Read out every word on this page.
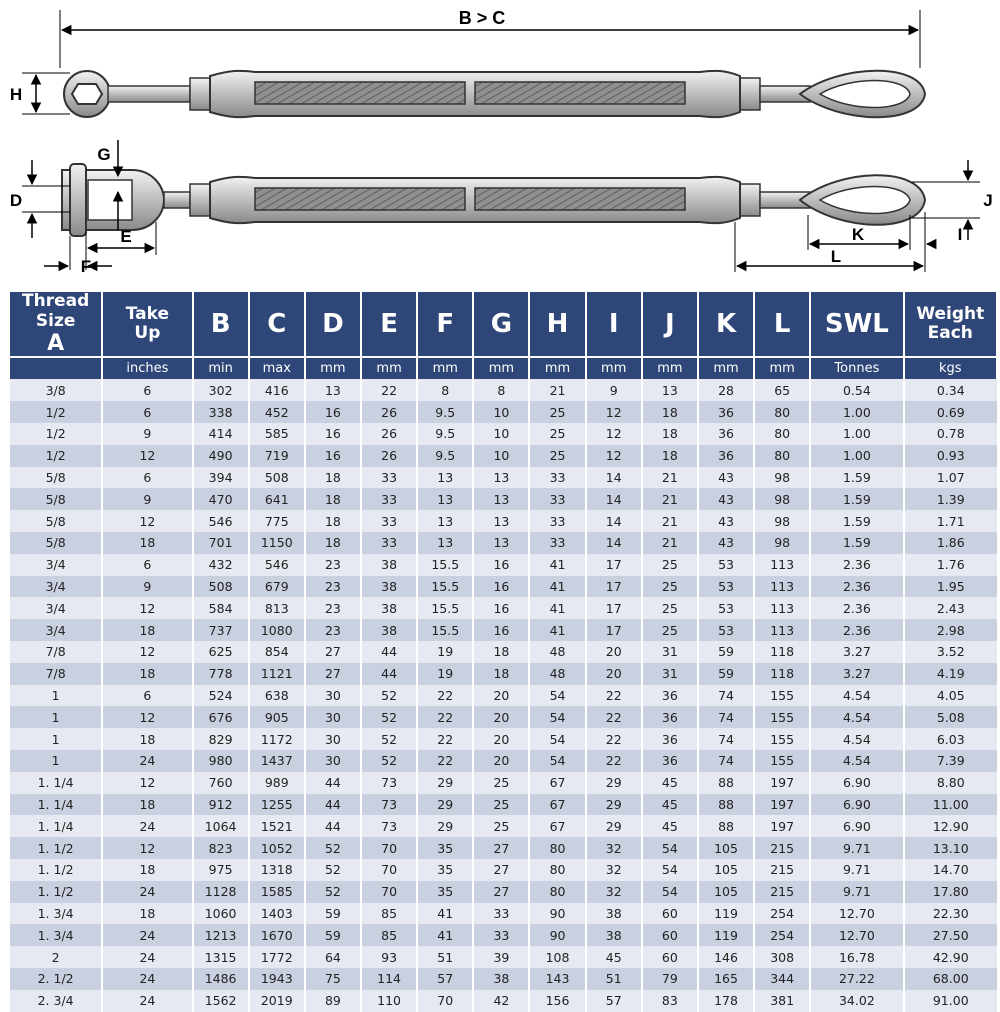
B > C
H
D
G
E
F
K
L
J
I
Thread
Size
A	Take
Up	B	C	D	E	F	G	H	I	J	K	L	SWL	Weight
Each

	inches	min	max	mm	mm	mm	mm	mm	mm	mm	mm	mm	Tonnes	kgs
3/8	6	302	416	13	22	8	8	21	9	13	28	65	0.54	0.34
1/2	6	338	452	16	26	9.5	10	25	12	18	36	80	1.00	0.69
1/2	9	414	585	16	26	9.5	10	25	12	18	36	80	1.00	0.78
1/2	12	490	719	16	26	9.5	10	25	12	18	36	80	1.00	0.93
5/8	6	394	508	18	33	13	13	33	14	21	43	98	1.59	1.07
5/8	9	470	641	18	33	13	13	33	14	21	43	98	1.59	1.39
5/8	12	546	775	18	33	13	13	33	14	21	43	98	1.59	1.71
5/8	18	701	1150	18	33	13	13	33	14	21	43	98	1.59	1.86
3/4	6	432	546	23	38	15.5	16	41	17	25	53	113	2.36	1.76
3/4	9	508	679	23	38	15.5	16	41	17	25	53	113	2.36	1.95
3/4	12	584	813	23	38	15.5	16	41	17	25	53	113	2.36	2.43
3/4	18	737	1080	23	38	15.5	16	41	17	25	53	113	2.36	2.98
7/8	12	625	854	27	44	19	18	48	20	31	59	118	3.27	3.52
7/8	18	778	1121	27	44	19	18	48	20	31	59	118	3.27	4.19
1	6	524	638	30	52	22	20	54	22	36	74	155	4.54	4.05
1	12	676	905	30	52	22	20	54	22	36	74	155	4.54	5.08
1	18	829	1172	30	52	22	20	54	22	36	74	155	4.54	6.03
1	24	980	1437	30	52	22	20	54	22	36	74	155	4.54	7.39
1. 1/4	12	760	989	44	73	29	25	67	29	45	88	197	6.90	8.80
1. 1/4	18	912	1255	44	73	29	25	67	29	45	88	197	6.90	11.00
1. 1/4	24	1064	1521	44	73	29	25	67	29	45	88	197	6.90	12.90
1. 1/2	12	823	1052	52	70	35	27	80	32	54	105	215	9.71	13.10
1. 1/2	18	975	1318	52	70	35	27	80	32	54	105	215	9.71	14.70
1. 1/2	24	1128	1585	52	70	35	27	80	32	54	105	215	9.71	17.80
1. 3/4	18	1060	1403	59	85	41	33	90	38	60	119	254	12.70	22.30
1. 3/4	24	1213	1670	59	85	41	33	90	38	60	119	254	12.70	27.50
2	24	1315	1772	64	93	51	39	108	45	60	146	308	16.78	42.90
2. 1/2	24	1486	1943	75	114	57	38	143	51	79	165	344	27.22	68.00
2. 3/4	24	1562	2019	89	110	70	42	156	57	83	178	381	34.02	91.00
